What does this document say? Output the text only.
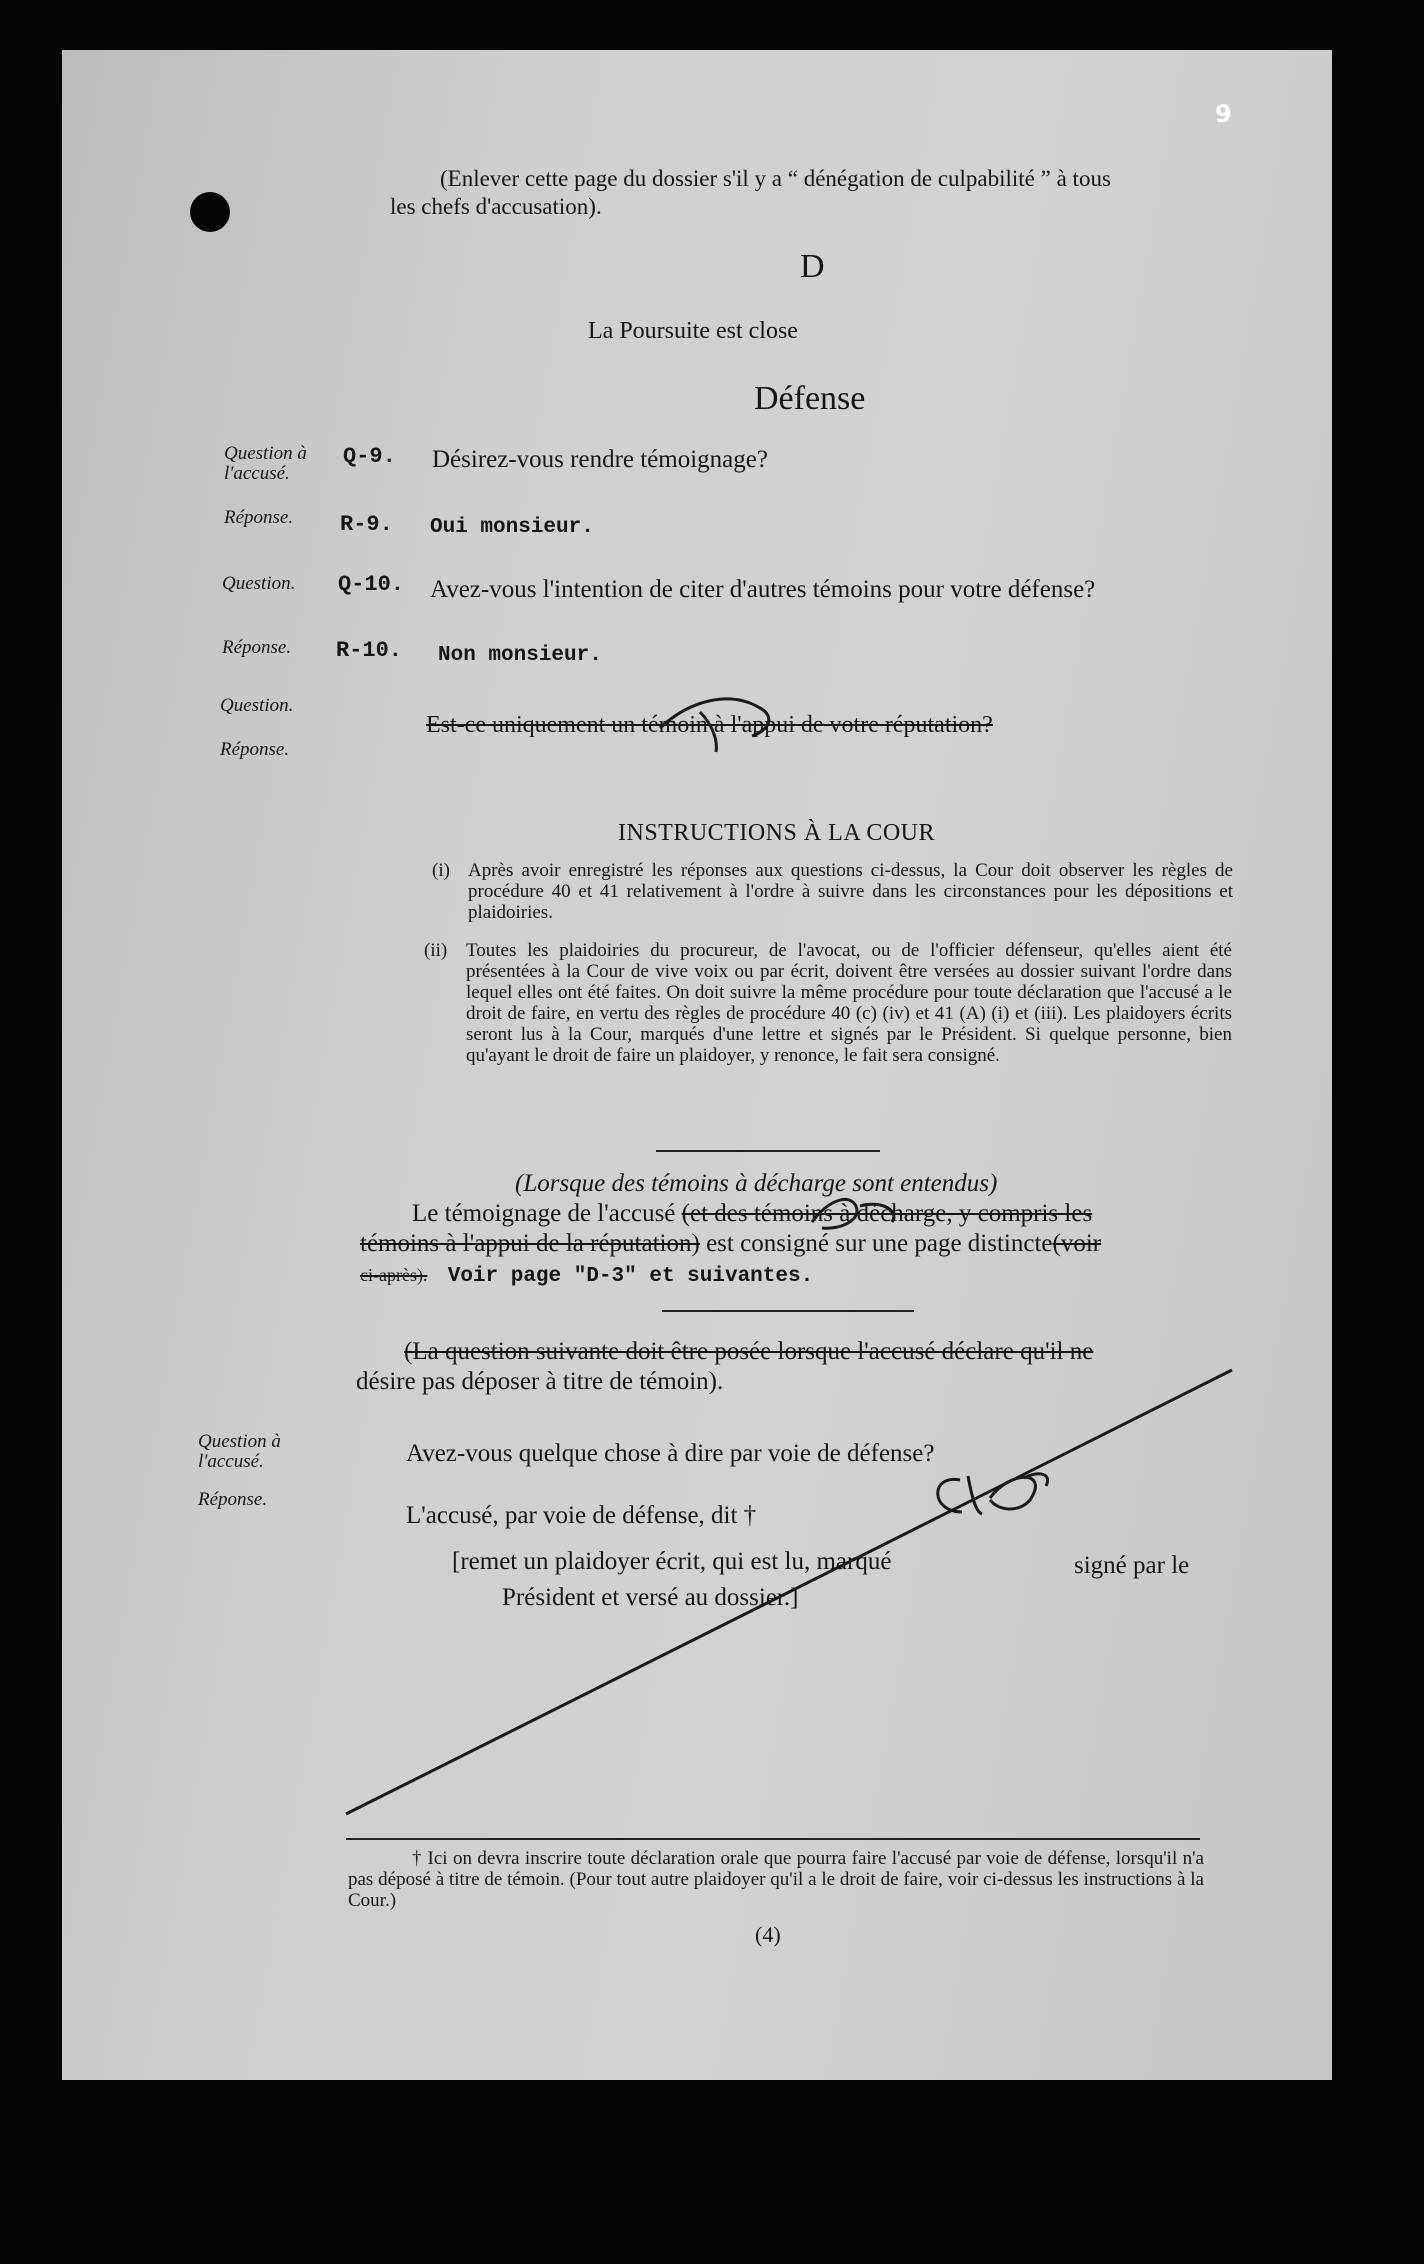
9
(Enlever cette page du dossier s'il y a “ dénégation de culpabilité ” à tous
les chefs d'accusation).
D
La Poursuite est close
Défense
Question à l'accusé.
Q-9. Désirez-vous rendre témoignage?
Réponse. R-9. Oui monsieur.
Question. Q-10. Avez-vous l'intention de citer d'autres témoins pour votre défense?
Réponse. R-10. Non monsieur.
Question.
Est-ce uniquement un témoin à l'appui de votre réputation?
Réponse.
INSTRUCTIONS À LA COUR
(i) Après avoir enregistré les réponses aux questions ci-dessus, la Cour doit observer les règles de procédure 40 et 41 relativement à l'ordre à suivre dans les circonstances pour les dépositions et plaidoiries.
(ii) Toutes les plaidoiries du procureur, de l'avocat, ou de l'officier défenseur, qu'elles aient été présentées à la Cour de vive voix ou par écrit, doivent être versées au dossier suivant l'ordre dans lequel elles ont été faites. On doit suivre la même procédure pour toute déclaration que l'accusé a le droit de faire, en vertu des règles de procédure 40 (c) (iv) et 41 (A) (i) et (iii). Les plaidoyers écrits seront lus à la Cour, marqués d'une lettre et signés par le Président. Si quelque personne, bien qu'ayant le droit de faire un plaidoyer, y renonce, le fait sera consigné.
(Lorsque des témoins à décharge sont entendus)
Le témoignage de l'accusé (et des témoins à décharge, y compris les
témoins à l'appui de la réputation) est consigné sur une page distincte(voir
ci-après). Voir page "D-3" et suivantes.
(La question suivante doit être posée lorsque l'accusé déclare qu'il ne
désire pas déposer à titre de témoin).
Question à l'accusé.
Réponse.
Avez-vous quelque chose à dire par voie de défense?
L'accusé, par voie de défense, dit †
[remet un plaidoyer écrit, qui est lu, marqué	signé par le
Président et versé au dossier.]
† Ici on devra inscrire toute déclaration orale que pourra faire l'accusé par voie de défense, lorsqu'il n'a pas déposé à titre de témoin. (Pour tout autre plaidoyer qu'il a le droit de faire, voir ci-dessus les instructions à la Cour.)
(4)
